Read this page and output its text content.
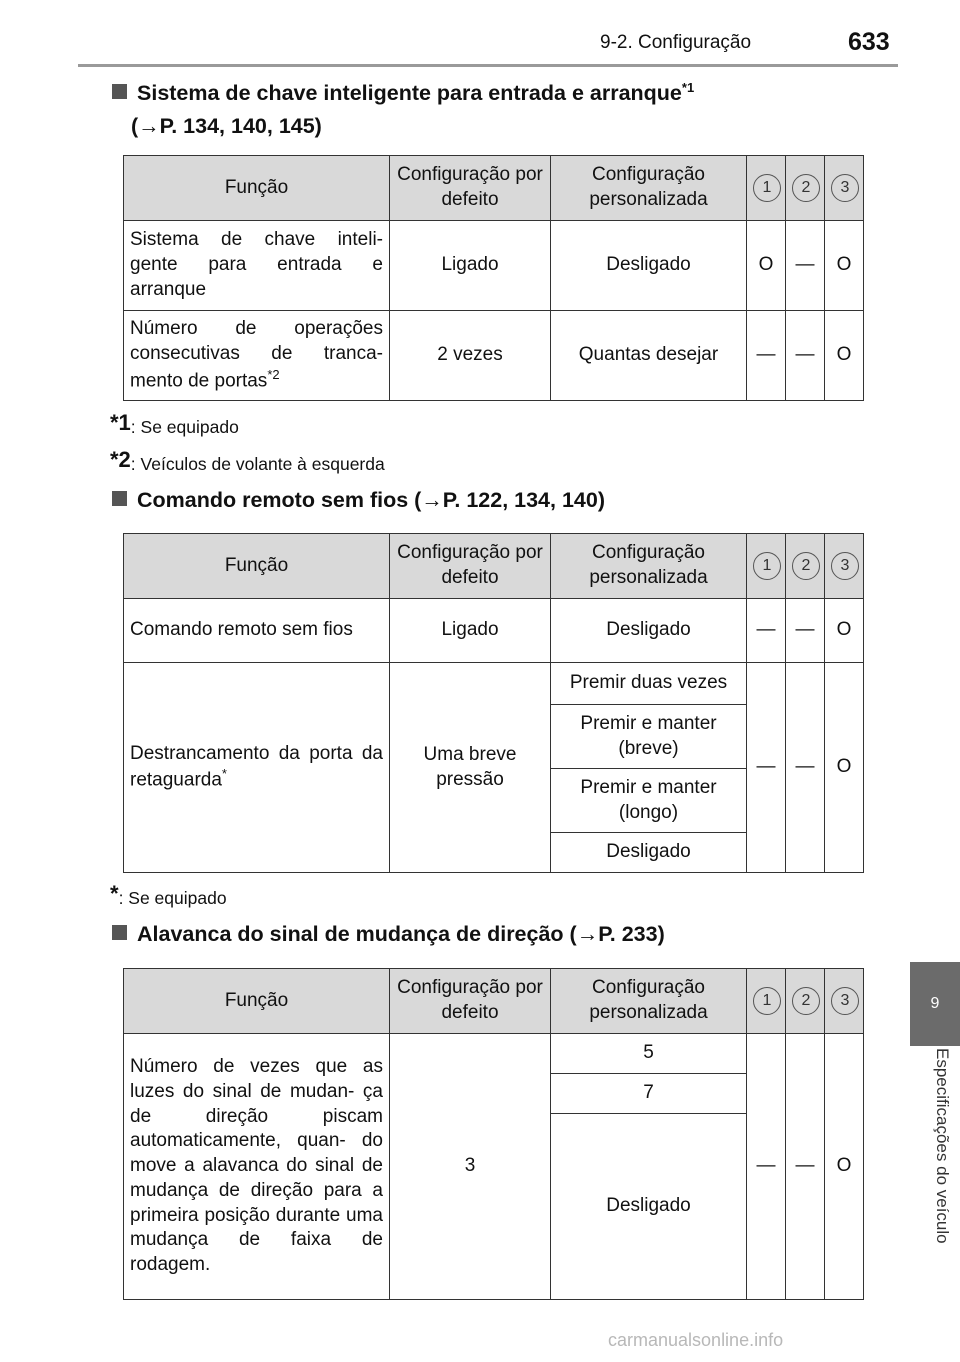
9-2. Configuração	633
9
Especificações do veículo
Sistema de chave inteligente para entrada e arranque$^{*1}$
(→P. 134, 140, 145)
Função	Configuração por defeito	Configuração personalizada	1	2	3
Sistema de chave inteli- gente para entrada e arranque	Ligado	Desligado	O	—	O
Número de operações consecutivas de tranca- mento de portas$^{*2}$	2 vezes	Quantas desejar	—	—	O
*1: Se equipado
*2: Veículos de volante à esquerda
Comando remoto sem fios (→P. 122, 134, 140)
Função	Configuração por defeito	Configuração personalizada	1	2	3
Comando remoto sem fios	Ligado	Desligado	—	—	O
Destrancamento da porta da retaguarda*	Uma breve pressão	Premir duas vezes	—	—	O
		Premir e manter (breve)			
		Premir e manter (longo)			
		Desligado			
*: Se equipado
Alavanca do sinal de mudança de direção (→P. 233)
Função	Configuração por defeito	Configuração personalizada	1	2	3
Número de vezes que as luzes do sinal de mudan- ça de direção piscam automaticamente, quan- do move a alavanca do sinal de mudança de direção para a primeira posição durante uma mudança de faixa de rodagem.	3	5	—	—	O
		7			
		Desligado			
carmanualsonline.info
